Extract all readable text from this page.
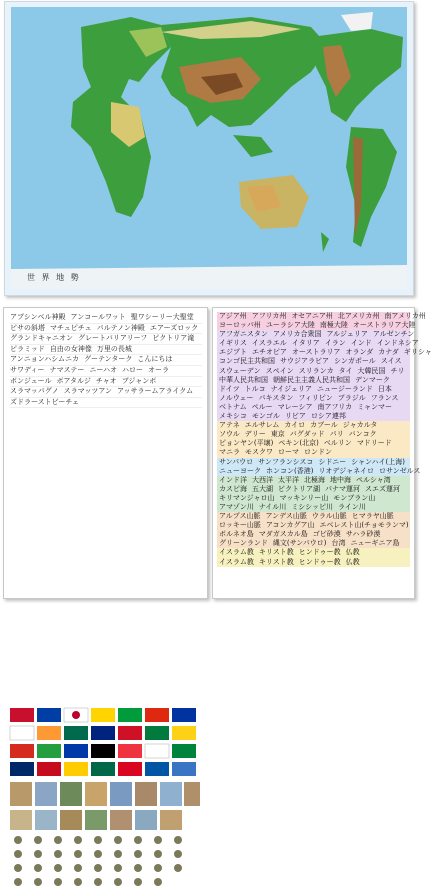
世 界 地 勢
アブシンベル神殿 アンコールワット 聖ワシーリー大聖堂
ピサの斜塔 マチュピチュ パルテノン神殿 エアーズロック
グランドキャニオン グレートバリアリーフ ピクトリア滝
ピラミッド 自由の女神像 万里の長城
アンニョンハシムニカ グーテンターク こんにちは
サワディー ナマステー ニーハオ ハロー オーラ
ボンジュール ボアタルジ チャオ ブジャンボ
スラマッパグノ スラマッツアン アッサラームアライクム
ズドラーストビーチェ
アジア州 アフリカ州 オセアニア州 北アメリカ州 南アメリカ州
ヨーロッパ州 ユーラシア大陸 南極大陸 オーストラリア大陸
アフガニスタン アメリカ合衆国 アルジェリア アルゼンチン
イギリス イスラエル イタリア イラン インド インドネシア
エジプト エチオピア オーストラリア オランダ カナダ ギリシャ
コンゴ民主共和国 サウジアラビア シンガポール スイス
スウェーデン スペイン スリランカ タイ 大韓民国 チリ
中華人民共和国 朝鮮民主主義人民共和国 デンマーク
ドイツ トルコ ナイジェリア ニュージーランド 日本
ノルウェー パキスタン フィリピン ブラジル フランス
ベトナム ペルー マレーシア 南アフリカ ミャンマー
メキシコ モンゴル リビア ロシア連邦
アテネ エルサレム カイロ カブール ジャカルタ
ソウル デリー 東京 バグダッド パリ バンコク
ピョンヤン(平壌) ペキン(北京) ベルリン マドリード
マニラ モスクワ ローマ ロンドン
サンパウロ サンフランシスコ シドニー シャンハイ(上海)
ニューヨーク ホンコン(香港) リオデジャネイロ ロサンゼルス
インド洋 大西洋 太平洋 北極海 地中海 ペルシャ湾
カスピ海 五大湖 ビクトリア湖 パナマ運河 スエズ運河
キリマンジャロ山 マッキンリー山 モンブラン山
アマゾン川 ナイル川 ミシシッピ川 ライン川
アルプス山脈 アンデス山脈 ウラル山脈 ヒマラヤ山脈
ロッキー山脈 アコンカグア山 エベレスト山(チョモランマ)
ボルネオ島 マダガスカル島 ゴビ砂漠 サハラ砂漠
グリーンランド 縄文(サンパウロ) 台湾 ニューギニア島
イスラム教 キリスト教 ヒンドゥー教 仏教
イスラム教 キリスト教 ヒンドゥー教 仏教
